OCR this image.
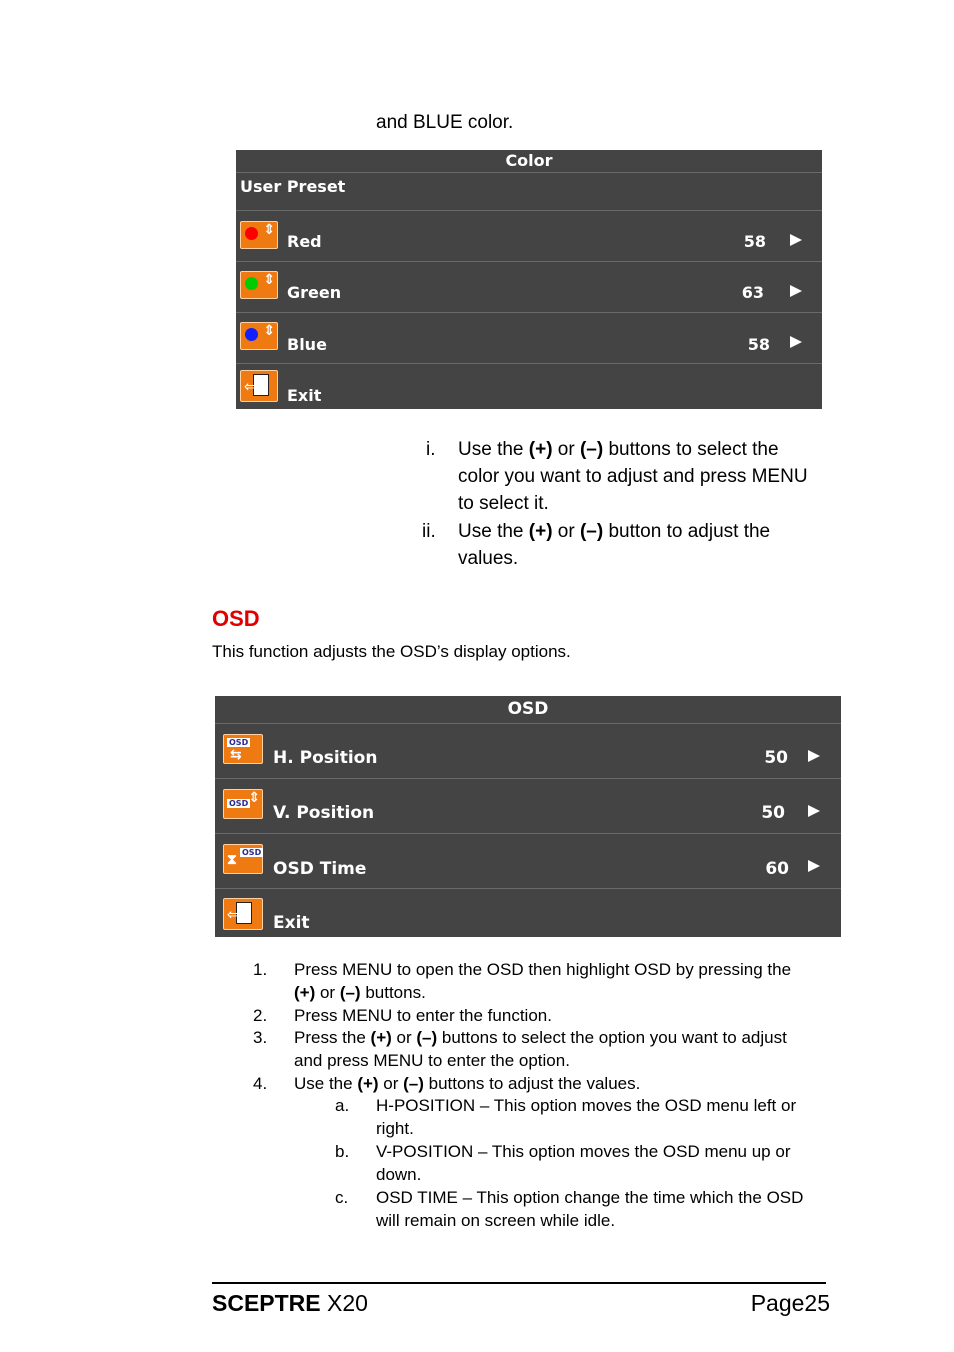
and BLUE color.
Color
User Preset
⇕
Red	58
⇕
Green	63
⇕
Blue	58
⇦ Exit
i. Use the (+) or (–) buttons to select the
color you want to adjust and press MENU
to select it.
ii. Use the (+) or (–) button to adjust the
values.
OSD
This function adjusts the OSD’s display options.
OSD
OSD
⇆ H. Position	50
OSD ⇕
V. Position	50
OSD
⧗ OSD Time	60
⇦ Exit
1. Press MENU to open the OSD then highlight OSD by pressing the
(+) or (–) buttons.
2. Press MENU to enter the function.
3. Press the (+) or (–) buttons to select the option you want to adjust
and press MENU to enter the option.
4. Use the (+) or (–) buttons to adjust the values.
a. H-POSITION – This option moves the OSD menu left or
right.
b. V-POSITION – This option moves the OSD menu up or
down.
c. OSD TIME – This option change the time which the OSD
will remain on screen while idle.
SCEPTRE X20	Page25
